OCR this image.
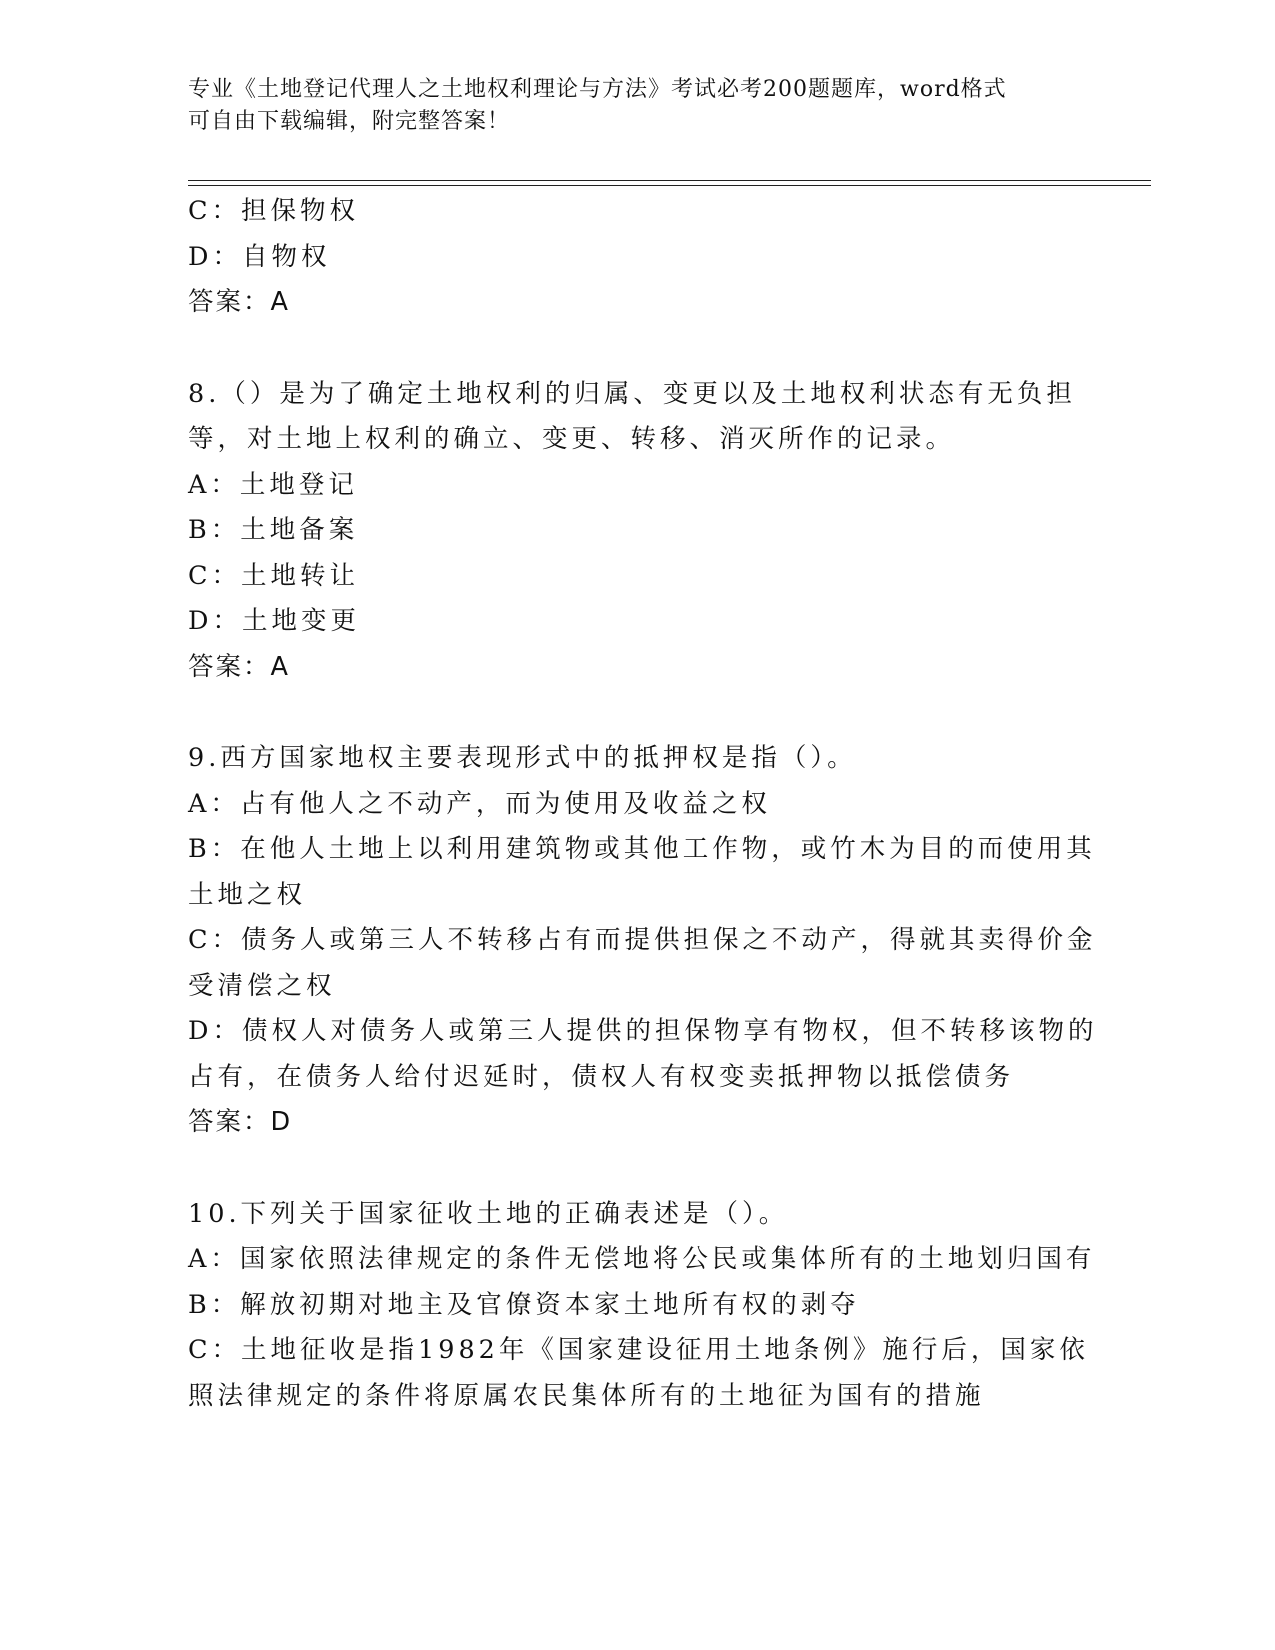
专业《土地登记代理人之土地权利理论与方法》考试必考200题题库，word格式
可自由下载编辑，附完整答案！
C：担保物权
D：自物权
答案：A
8.（）是为了确定土地权利的归属、变更以及土地权利状态有无负担
等，对土地上权利的确立、变更、转移、消灭所作的记录。
A：土地登记
B：土地备案
C：土地转让
D：土地变更
答案：A
9.西方国家地权主要表现形式中的抵押权是指（）。
A：占有他人之不动产，而为使用及收益之权
B：在他人土地上以利用建筑物或其他工作物，或竹木为目的而使用其
土地之权
C：债务人或第三人不转移占有而提供担保之不动产，得就其卖得价金
受清偿之权
D：债权人对债务人或第三人提供的担保物享有物权，但不转移该物的
占有，在债务人给付迟延时，债权人有权变卖抵押物以抵偿债务
答案：D
10.下列关于国家征收土地的正确表述是（）。
A：国家依照法律规定的条件无偿地将公民或集体所有的土地划归国有
B：解放初期对地主及官僚资本家土地所有权的剥夺
C：土地征收是指1982年《国家建设征用土地条例》施行后，国家依
照法律规定的条件将原属农民集体所有的土地征为国有的措施
